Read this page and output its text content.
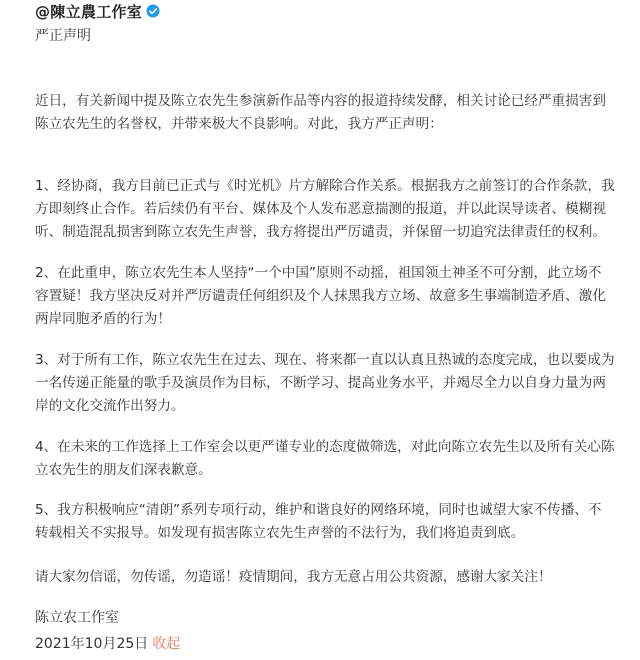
@陳立農工作室
严正声明

近日，有关新闻中提及陈立农先生参演新作品等内容的报道持续发酵，相关讨论已经严重损害到陈立农先生的名誉权，并带来极大不良影响。对此，我方严正声明：

1、经协商，我方目前已正式与《时光机》片方解除合作关系。根据我方之前签订的合作条款，我方即刻终止合作。若后续仍有平台、媒体及个人发布恶意揣测的报道，并以此误导读者、模糊视听、制造混乱损害到陈立农先生声誉，我方将提出严厉谴责，并保留一切追究法律责任的权利。

2、在此重申，陈立农先生本人坚持“一个中国”原则不动摇，祖国领土神圣不可分割，此立场不容置疑！我方坚决反对并严厉谴责任何组织及个人抹黑我方立场、故意多生事端制造矛盾、激化两岸同胞矛盾的行为！

3、对于所有工作，陈立农先生在过去、现在、将来都一直以认真且热诚的态度完成，也以要成为一名传递正能量的歌手及演员作为目标，不断学习、提高业务水平，并竭尽全力以自身力量为两岸的文化交流作出努力。

4、在未来的工作选择上工作室会以更严谨专业的态度做筛选，对此向陈立农先生以及所有关心陈立农先生的朋友们深表歉意。

5、我方积极响应“清朗”系列专项行动，维护和谐良好的网络环境，同时也诚望大家不传播、不转载相关不实报导。如发现有损害陈立农先生声誉的不法行为，我们将追责到底。

请大家勿信谣，勿传谣，勿造谣！疫情期间，我方无意占用公共资源，感谢大家关注！

陈立农工作室
2021年10月25日 收起
